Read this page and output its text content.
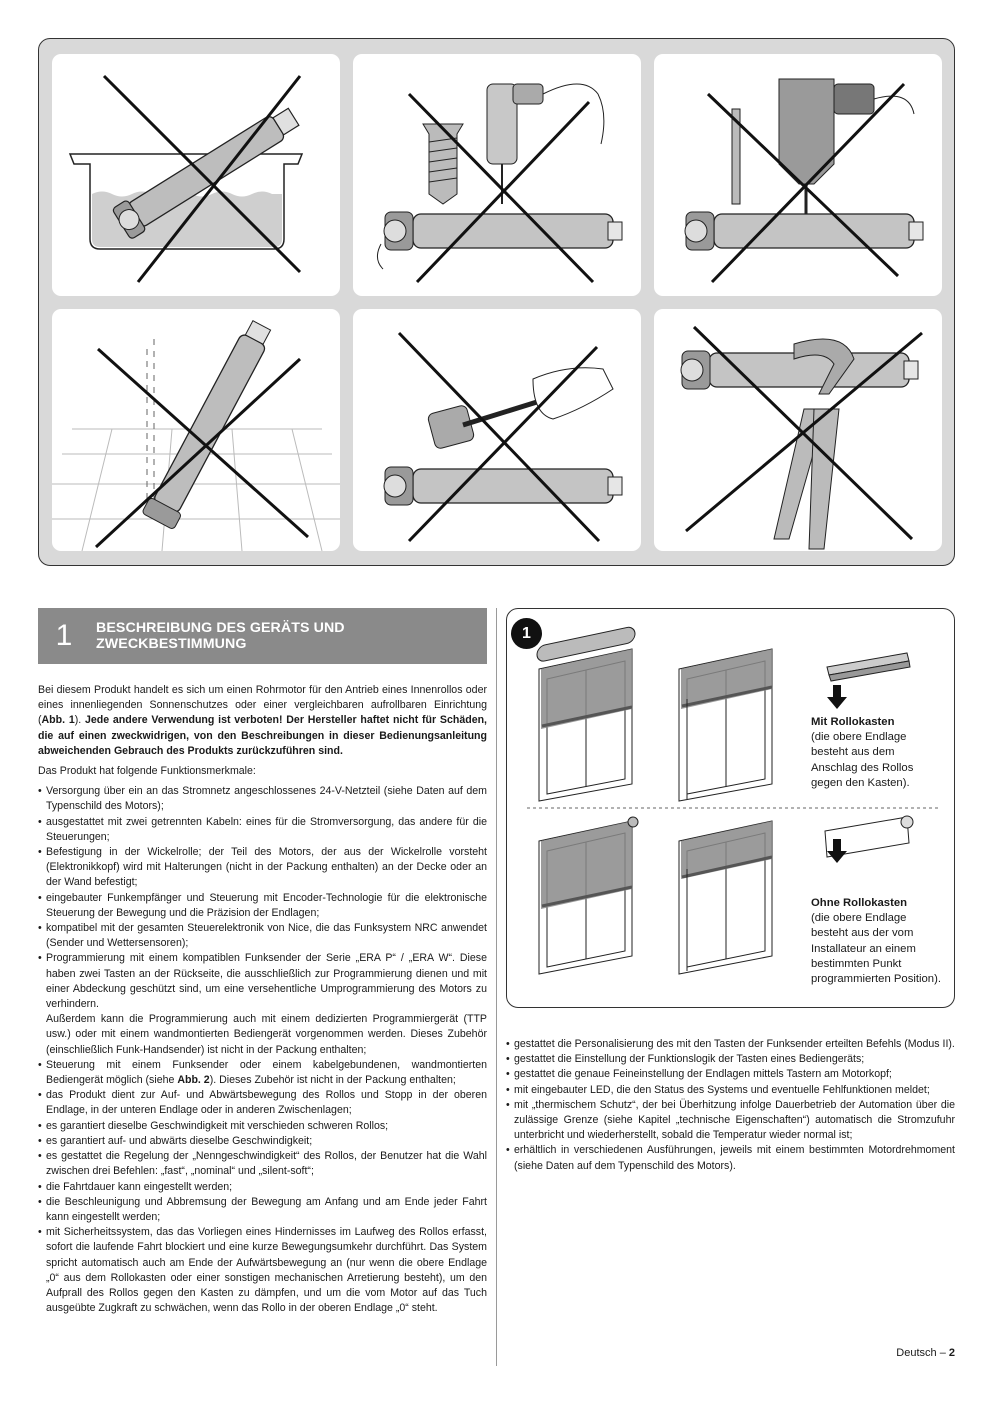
1	BESCHREIBUNG DES GERÄTS UND
ZWECKBESTIMMUNG

Bei diesem Produkt handelt es sich um einen Rohrmotor für den Antrieb eines Innenrollos oder eines innenliegenden Sonnenschutzes oder einer vergleichbaren aufrollbaren Einrichtung (Abb. 1). Jede andere Verwendung ist verboten! Der Hersteller haftet nicht für Schäden, die auf einen zweckwidrigen, von den Beschreibungen in dieser Bedienungsanleitung abweichenden Gebrauch des Produkts zurückzuführen sind.

Das Produkt hat folgende Funktionsmerkmale:

• Versorgung über ein an das Stromnetz angeschlossenes 24-V-Netzteil (siehe Daten auf dem Typenschild des Motors);
• ausgestattet mit zwei getrennten Kabeln: eines für die Stromversorgung, das andere für die Steuerungen;
• Befestigung in der Wickelrolle; der Teil des Motors, der aus der Wickelrolle vorsteht (Elektronikkopf) wird mit Halterungen (nicht in der Packung enthalten) an der Decke oder an der Wand befestigt;
• eingebauter Funkempfänger und Steuerung mit Encoder-Technologie für die elektronische Steuerung der Bewegung und die Präzision der Endlagen;
• kompatibel mit der gesamten Steuerelektronik von Nice, die das Funksystem NRC anwendet (Sender und Wettersensoren);
• Programmierung mit einem kompatiblen Funksender der Serie „ERA P“ / „ERA W“. Diese haben zwei Tasten an der Rückseite, die ausschließlich zur Programmierung dienen und mit einer Abdeckung geschützt sind, um eine versehentliche Umprogrammierung des Motors zu verhindern.
Außerdem kann die Programmierung auch mit einem dedizierten Programmiergerät (TTP usw.) oder mit einem wandmontierten Bediengerät vorgenommen werden. Dieses Zubehör (einschließlich Funk-Handsender) ist nicht in der Packung enthalten;
• Steuerung mit einem Funksender oder einem kabelgebundenen, wandmontierten Bediengerät möglich (siehe Abb. 2). Dieses Zubehör ist nicht in der Packung enthalten;
• das Produkt dient zur Auf- und Abwärtsbewegung des Rollos und Stopp in der oberen Endlage, in der unteren Endlage oder in anderen Zwischenlagen;
• es garantiert dieselbe Geschwindigkeit mit verschieden schweren Rollos;
• es garantiert auf- und abwärts dieselbe Geschwindigkeit;
• es gestattet die Regelung der „Nenngeschwindigkeit“ des Rollos, der Benutzer hat die Wahl zwischen drei Befehlen: „fast“, „nominal“ und „silent-soft“;
• die Fahrtdauer kann eingestellt werden;
• die Beschleunigung und Abbremsung der Bewegung am Anfang und am Ende jeder Fahrt kann eingestellt werden;
• mit Sicherheitssystem, das das Vorliegen eines Hindernisses im Laufweg des Rollos erfasst, sofort die laufende Fahrt blockiert und eine kurze Bewegungsumkehr durchführt. Das System spricht automatisch auch am Ende der Aufwärtsbewegung an (nur wenn die obere Endlage „0“ aus dem Rollokasten oder einer sonstigen mechanischen Arretierung besteht), um den Aufprall des Rollos gegen den Kasten zu dämpfen, und um die vom Motor auf das Tuch ausgeübte Zugkraft zu schwächen, wenn das Rollo in der oberen Endlage „0“ steht.
1
Mit Rollokasten
(die obere Endlage besteht aus dem Anschlag des Rollos gegen den Kasten).
Ohne Rollokasten
(die obere Endlage besteht aus der vom Installateur an einem bestimmten Punkt programmierten Position).
• gestattet die Personalisierung des mit den Tasten der Funksender erteilten Befehls (Modus II).
• gestattet die Einstellung der Funktionslogik der Tasten eines Bediengeräts;
• gestattet die genaue Feineinstellung der Endlagen mittels Tastern am Motorkopf;
• mit eingebauter LED, die den Status des Systems und eventuelle Fehlfunktionen meldet;
• mit „thermischem Schutz“, der bei Überhitzung infolge Dauerbetrieb der Automation über die zulässige Grenze (siehe Kapitel „technische Eigenschaften“) automatisch die Stromzufuhr unterbricht und wiederherstellt, sobald die Temperatur wieder normal ist;
• erhältlich in verschiedenen Ausführungen, jeweils mit einem bestimmten Motordrehmoment (siehe Daten auf dem Typenschild des Motors).
Deutsch – 2
